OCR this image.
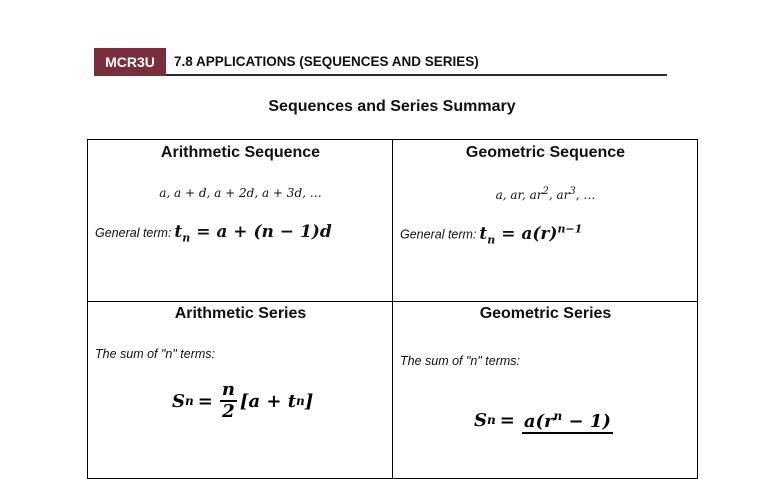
MCR3U	7.8 APPLICATIONS (SEQUENCES AND SERIES)
Sequences and Series Summary
Arithmetic Sequence
a, a + d, a + 2d, a + 3d, …
General term: $t_n = a + (n - 1)d$
Geometric Sequence
a, ar, $ar^2$, $ar^3$, …
General term: $t_n = a(r)^{n-1}$
Arithmetic Series
The sum of "n" terms:
S $n = \frac{n}{2} [a + t$ n ]
Geometric Series
The sum of "n" terms:
S $n = a(r^n - 1)$
